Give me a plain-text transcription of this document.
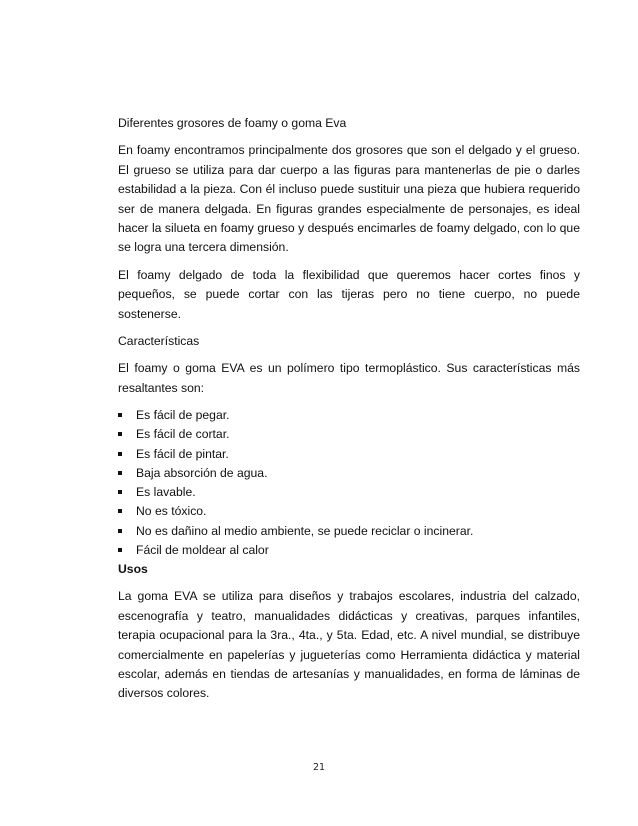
Diferentes grosores de foamy o goma Eva

En foamy encontramos principalmente dos grosores que son el delgado y el grueso. El grueso se utiliza para dar cuerpo a las figuras para mantenerlas de pie o darles estabilidad a la pieza. Con él incluso puede sustituir una pieza que hubiera requerido ser de manera delgada. En figuras grandes especialmente de personajes, es ideal hacer la silueta en foamy grueso y después encimarles de foamy delgado, con lo que se logra una tercera dimensión.

El foamy delgado de toda la flexibilidad que queremos hacer cortes finos y pequeños, se puede cortar con las tijeras pero no tiene cuerpo, no puede sostenerse.

Características

El foamy o goma EVA es un polímero tipo termoplástico. Sus características más resaltantes son:

Es fácil de pegar.
Es fácil de cortar.
Es fácil de pintar.
Baja absorción de agua.
Es lavable.
No es tóxico.
No es dañino al medio ambiente, se puede reciclar o incinerar.
Fácil de moldear al calor

Usos

La goma EVA se utiliza para diseños y trabajos escolares, industria del calzado, escenografía y teatro, manualidades didácticas y creativas, parques infantiles, terapia ocupacional para la 3ra., 4ta., y 5ta. Edad, etc. A nivel mundial, se distribuye comercialmente en papelerías y jugueterías como Herramienta didáctica y material escolar, además en tiendas de artesanías y manualidades, en forma de láminas de diversos colores.

21
